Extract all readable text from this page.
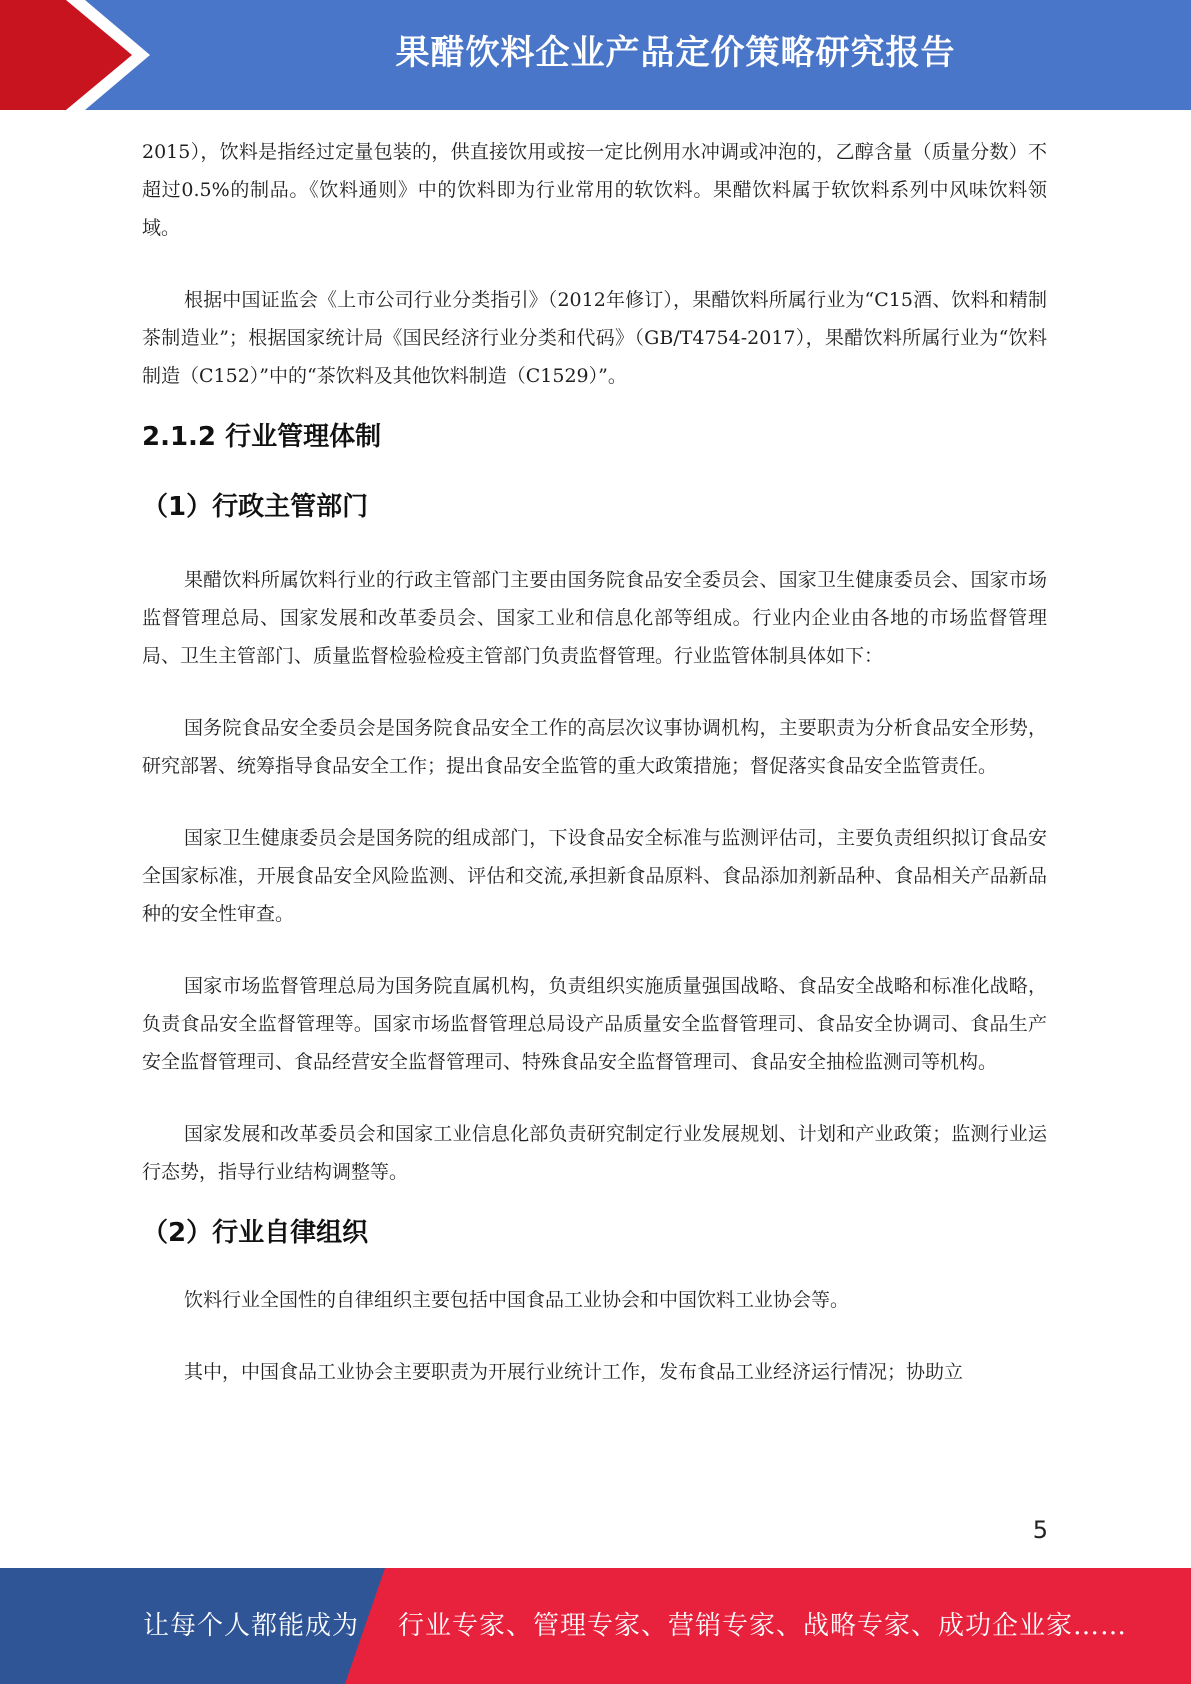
果醋饮料企业产品定价策略研究报告

2015），饮料是指经过定量包装的，供直接饮用或按一定比例用水冲调或冲泡的，乙醇含量（质量分数）不超过0.5%的制品。《饮料通则》中的饮料即为行业常用的软饮料。果醋饮料属于软饮料系列中风味饮料领域。

根据中国证监会《上市公司行业分类指引》（2012年修订），果醋饮料所属行业为“C15酒、饮料和精制茶制造业”；根据国家统计局《国民经济行业分类和代码》（GB/T4754-2017），果醋饮料所属行业为“饮料制造（C152）”中的“茶饮料及其他饮料制造（C1529）”。

2.1.2 行业管理体制
（1）行政主管部门

果醋饮料所属饮料行业的行政主管部门主要由国务院食品安全委员会、国家卫生健康委员会、国家市场监督管理总局、国家发展和改革委员会、国家工业和信息化部等组成。行业内企业由各地的市场监督管理局、卫生主管部门、质量监督检验检疫主管部门负责监督管理。行业监管体制具体如下：

国务院食品安全委员会是国务院食品安全工作的高层次议事协调机构，主要职责为分析食品安全形势，研究部署、统筹指导食品安全工作；提出食品安全监管的重大政策措施；督促落实食品安全监管责任。

国家卫生健康委员会是国务院的组成部门，下设食品安全标准与监测评估司，主要负责组织拟订食品安全国家标准，开展食品安全风险监测、评估和交流,承担新食品原料、食品添加剂新品种、食品相关产品新品种的安全性审查。

国家市场监督管理总局为国务院直属机构，负责组织实施质量强国战略、食品安全战略和标准化战略，负责食品安全监督管理等。国家市场监督管理总局设产品质量安全监督管理司、食品安全协调司、食品生产安全监督管理司、食品经营安全监督管理司、特殊食品安全监督管理司、食品安全抽检监测司等机构。

国家发展和改革委员会和国家工业信息化部负责研究制定行业发展规划、计划和产业政策；监测行业运行态势，指导行业结构调整等。

（2）行业自律组织

饮料行业全国性的自律组织主要包括中国食品工业协会和中国饮料工业协会等。

其中，中国食品工业协会主要职责为开展行业统计工作，发布食品工业经济运行情况；协助立

5
让每个人都能成为 行业专家、管理专家、营销专家、战略专家、成功企业家……
